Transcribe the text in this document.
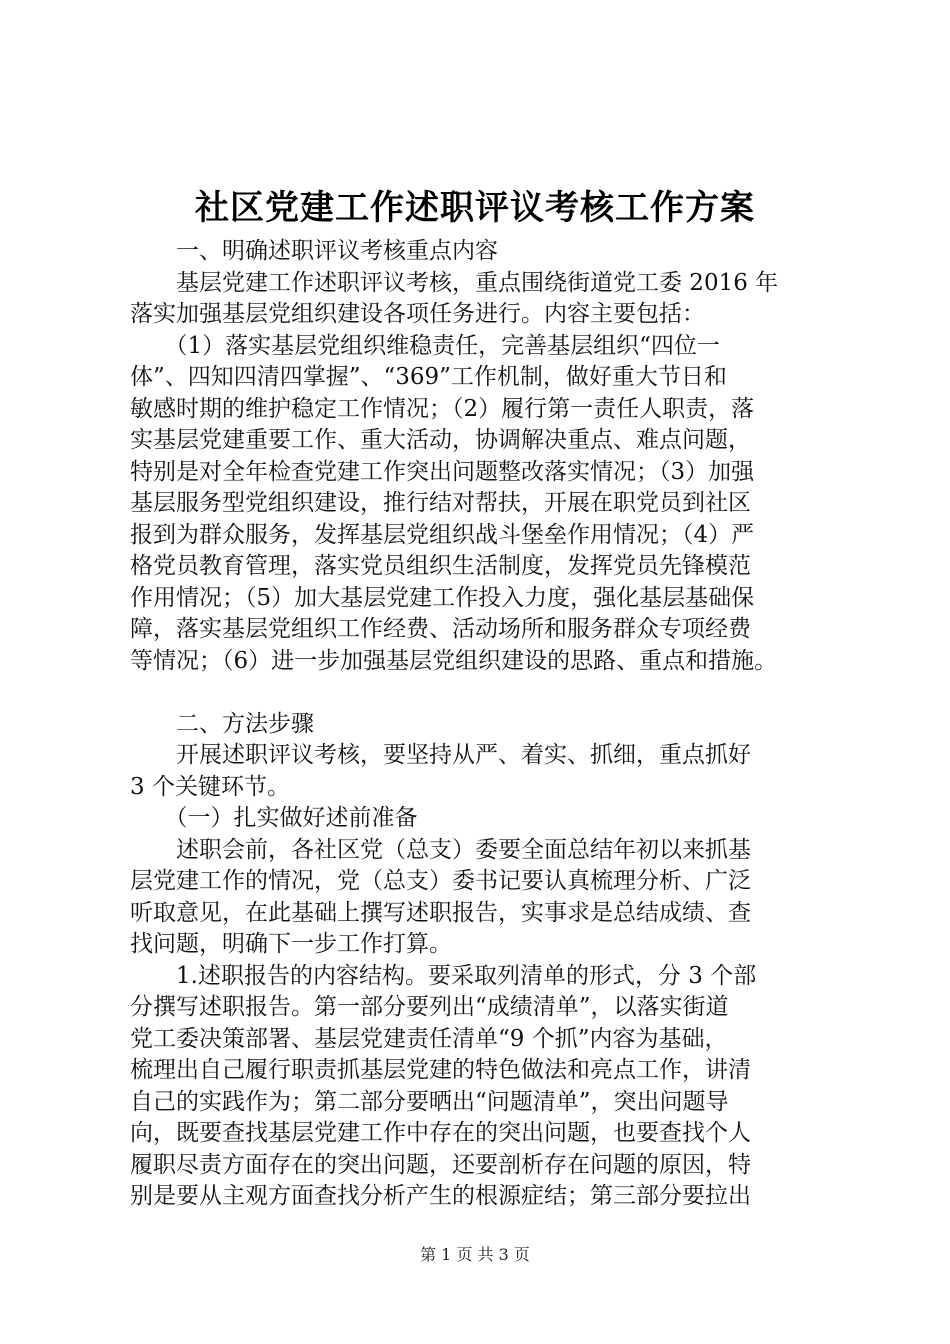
社区党建工作述职评议考核工作方案
　　一、明确述职评议考核重点内容
　　基层党建工作述职评议考核，重点围绕街道党工委 2016 年
落实加强基层党组织建设各项任务进行。内容主要包括：
　　（1）落实基层党组织维稳责任，完善基层组织“四位一
体”、四知四清四掌握”、“369”工作机制，做好重大节日和
敏感时期的维护稳定工作情况；（2）履行第一责任人职责，落
实基层党建重要工作、重大活动，协调解决重点、难点问题，
特别是对全年检查党建工作突出问题整改落实情况；（3）加强
基层服务型党组织建设，推行结对帮扶，开展在职党员到社区
报到为群众服务，发挥基层党组织战斗堡垒作用情况；（4）严
格党员教育管理，落实党员组织生活制度，发挥党员先锋模范
作用情况；（5）加大基层党建工作投入力度，强化基层基础保
障，落实基层党组织工作经费、活动场所和服务群众专项经费
等情况；（6）进一步加强基层党组织建设的思路、重点和措施。
　　二、方法步骤
　　开展述职评议考核，要坚持从严、着实、抓细，重点抓好
3 个关键环节。
　　（一）扎实做好述前准备
　　述职会前，各社区党（总支）委要全面总结年初以来抓基
层党建工作的情况，党（总支）委书记要认真梳理分析、广泛
听取意见，在此基础上撰写述职报告，实事求是总结成绩、查
找问题，明确下一步工作打算。
　　1.述职报告的内容结构。要采取列清单的形式，分 3 个部
分撰写述职报告。第一部分要列出“成绩清单”，以落实街道
党工委决策部署、基层党建责任清单“9 个抓”内容为基础，
梳理出自己履行职责抓基层党建的特色做法和亮点工作，讲清
自己的实践作为；第二部分要晒出“问题清单”，突出问题导
向，既要查找基层党建工作中存在的突出问题，也要查找个人
履职尽责方面存在的突出问题，还要剖析存在问题的原因，特
别是要从主观方面查找分析产生的根源症结；第三部分要拉出
第 1 页 共 3 页
